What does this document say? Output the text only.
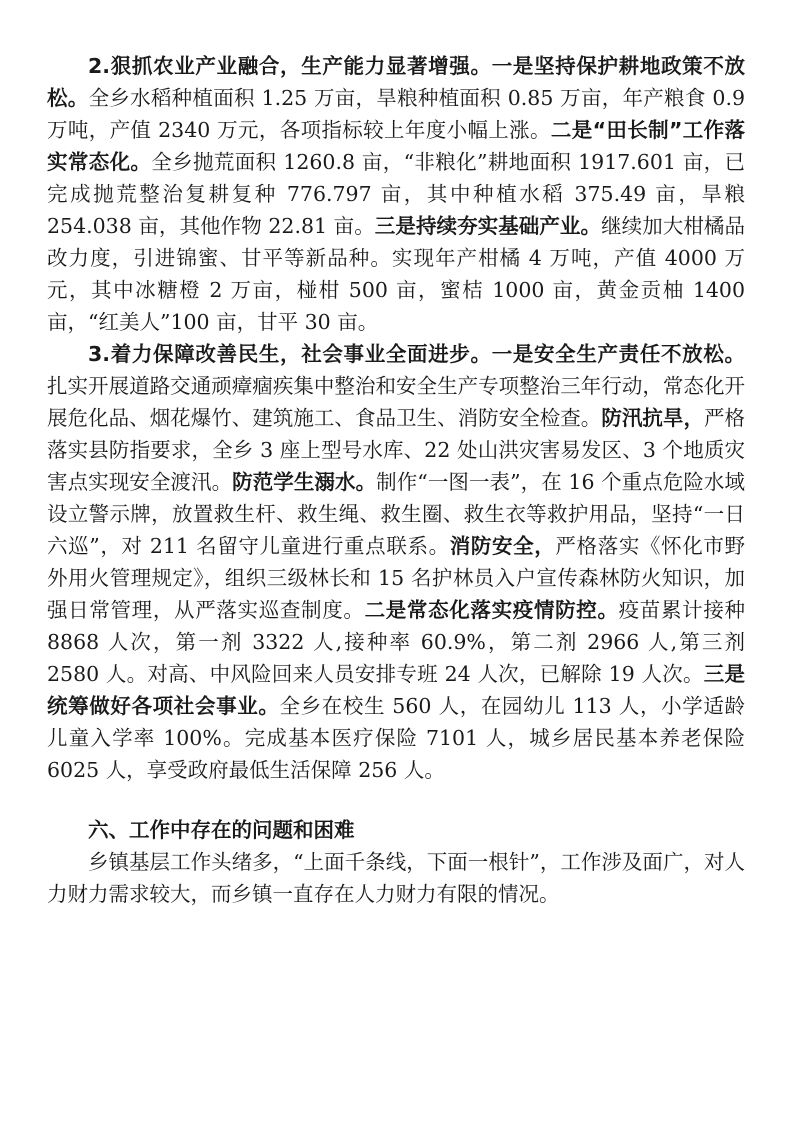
2.狠抓农业产业融合，生产能力显著增强。一是坚持保护耕地政策不放松。全乡水稻种植面积 1.25 万亩，旱粮种植面积 0.85 万亩，年产粮食 0.9 万吨，产值 2340 万元，各项指标较上年度小幅上涨。二是“田长制”工作落实常态化。全乡抛荒面积 1260.8 亩，“非粮化”耕地面积 1917.601 亩，已完成抛荒整治复耕复种 776.797 亩，其中种植水稻 375.49 亩，旱粮 254.038 亩，其他作物 22.81 亩。三是持续夯实基础产业。继续加大柑橘品改力度，引进锦蜜、甘平等新品种。实现年产柑橘 4 万吨，产值 4000 万元，其中冰糖橙 2 万亩，椪柑 500 亩，蜜桔 1000 亩，黄金贡柚 1400 亩，“红美人”100 亩，甘平 30 亩。

3.着力保障改善民生，社会事业全面进步。一是安全生产责任不放松。扎实开展道路交通顽瘴痼疾集中整治和安全生产专项整治三年行动，常态化开展危化品、烟花爆竹、建筑施工、食品卫生、消防安全检查。防汛抗旱，严格落实县防指要求，全乡 3 座上型号水库、22 处山洪灾害易发区、3 个地质灾害点实现安全渡汛。防范学生溺水。制作“一图一表”，在 16 个重点危险水域设立警示牌，放置救生杆、救生绳、救生圈、救生衣等救护用品，坚持“一日六巡”，对 211 名留守儿童进行重点联系。消防安全，严格落实《怀化市野外用火管理规定》，组织三级林长和 15 名护林员入户宣传森林防火知识，加强日常管理，从严落实巡查制度。二是常态化落实疫情防控。疫苗累计接种 8868 人次，第一剂 3322 人,接种率 60.9%，第二剂 2966 人,第三剂 2580 人。对高、中风险回来人员安排专班 24 人次，已解除 19 人次。三是统筹做好各项社会事业。全乡在校生 560 人，在园幼儿 113 人，小学适龄儿童入学率 100%。完成基本医疗保险 7101 人，城乡居民基本养老保险 6025 人，享受政府最低生活保障 256 人。

六、工作中存在的问题和困难

乡镇基层工作头绪多，“上面千条线，下面一根针”，工作涉及面广，对人力财力需求较大，而乡镇一直存在人力财力有限的情况。
